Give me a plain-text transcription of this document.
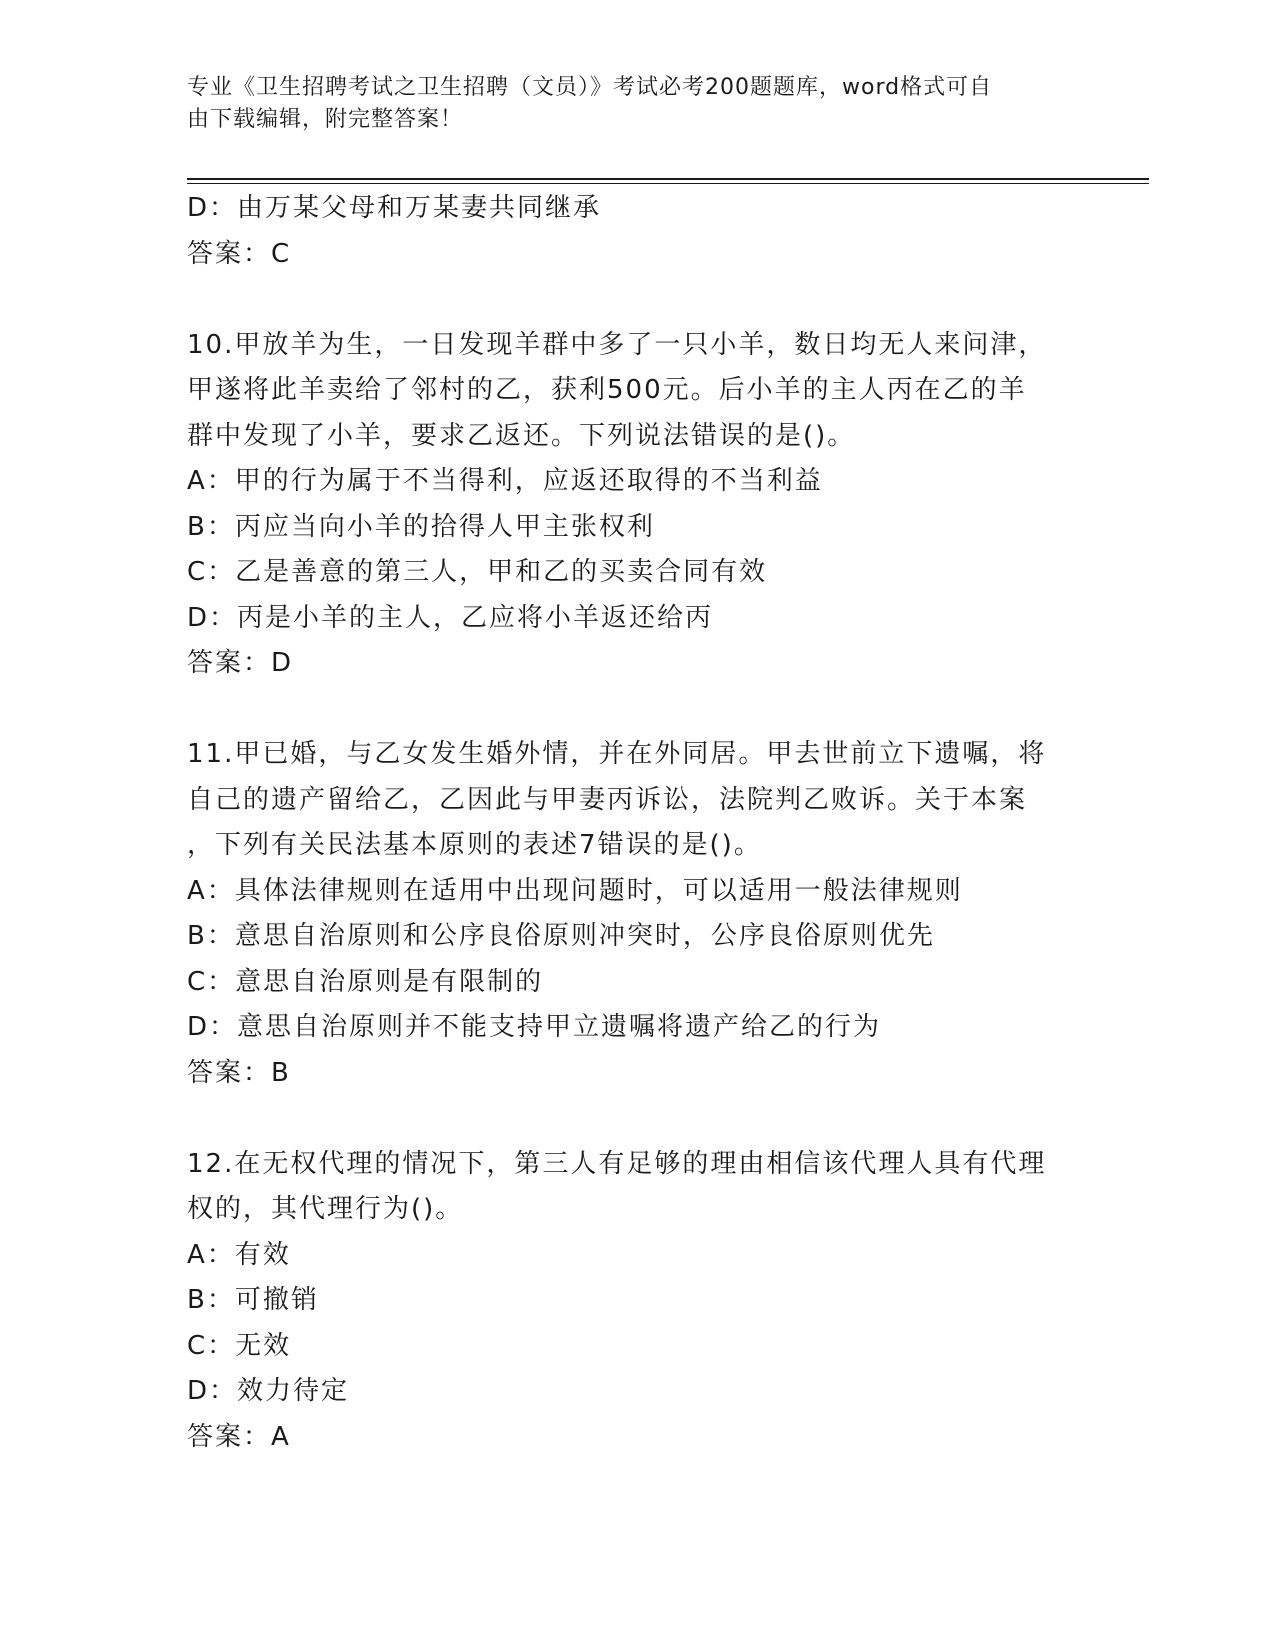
专业《卫生招聘考试之卫生招聘（文员）》考试必考200题题库，word格式可自
由下载编辑，附完整答案！
D：由万某父母和万某妻共同继承
答案：C
10.甲放羊为生，一日发现羊群中多了一只小羊，数日均无人来问津，
甲遂将此羊卖给了邻村的乙，获利500元。后小羊的主人丙在乙的羊
群中发现了小羊，要求乙返还。下列说法错误的是()。
A：甲的行为属于不当得利，应返还取得的不当利益
B：丙应当向小羊的拾得人甲主张权利
C：乙是善意的第三人，甲和乙的买卖合同有效
D：丙是小羊的主人，乙应将小羊返还给丙
答案：D
11.甲已婚，与乙女发生婚外情，并在外同居。甲去世前立下遗嘱，将
自己的遗产留给乙，乙因此与甲妻丙诉讼，法院判乙败诉。关于本案
，下列有关民法基本原则的表述7错误的是()。
A：具体法律规则在适用中出现问题时，可以适用一般法律规则
B：意思自治原则和公序良俗原则冲突时，公序良俗原则优先
C：意思自治原则是有限制的
D：意思自治原则并不能支持甲立遗嘱将遗产给乙的行为
答案：B
12.在无权代理的情况下，第三人有足够的理由相信该代理人具有代理
权的，其代理行为()。
A：有效
B：可撤销
C：无效
D：效力待定
答案：A
